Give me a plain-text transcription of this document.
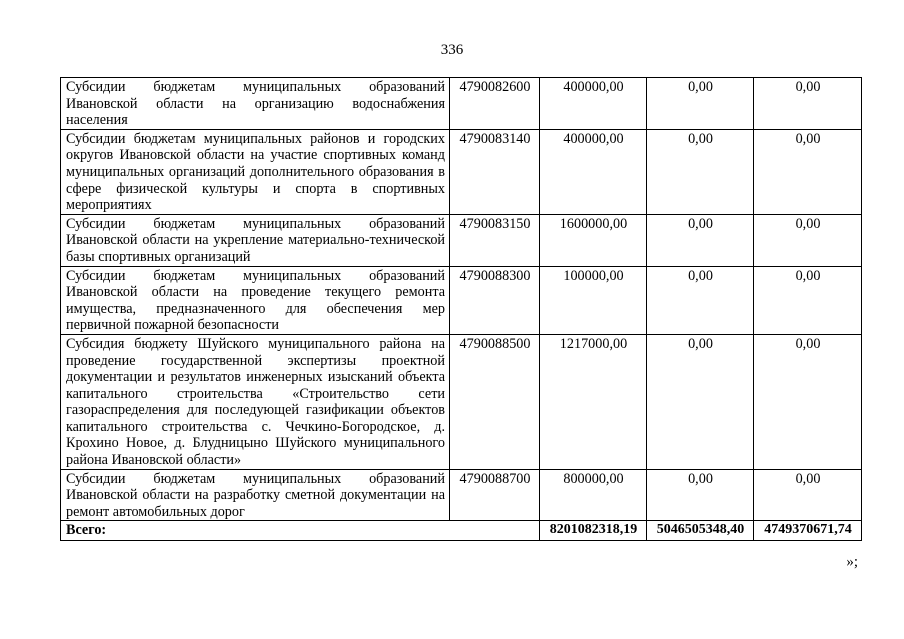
336
Субсидии бюджетам муниципальных образований Ивановской области на организацию водоснабжения населения	4790082600	400000,00	0,00	0,00
Субсидии бюджетам муниципальных районов и городских округов Ивановской области на участие спортивных команд муниципальных организаций дополнительного образования в сфере физической культуры и спорта в спортивных мероприятиях	4790083140	400000,00	0,00	0,00
Субсидии бюджетам муниципальных образований Ивановской области на укрепление материально-технической базы спортивных организаций	4790083150	1600000,00	0,00	0,00
Субсидии бюджетам муниципальных образований Ивановской области на проведение текущего ремонта имущества, предназначенного для обеспечения мер первичной пожарной безопасности	4790088300	100000,00	0,00	0,00
Субсидия бюджету Шуйского муниципального района на проведение государственной экспертизы проектной документации и результатов инженерных изысканий объекта капитального строительства «Строительство сети газораспределения для последующей газификации объектов капитального строительства с. Чечкино-Богородское, д. Крохино Новое, д. Блудницыно Шуйского муниципального района Ивановской области»	4790088500	1217000,00	0,00	0,00
Субсидии бюджетам муниципальных образований Ивановской области на разработку сметной документации на ремонт автомобильных дорог	4790088700	800000,00	0,00	0,00
Всего:		8201082318,19	5046505348,40	4749370671,74
»;
